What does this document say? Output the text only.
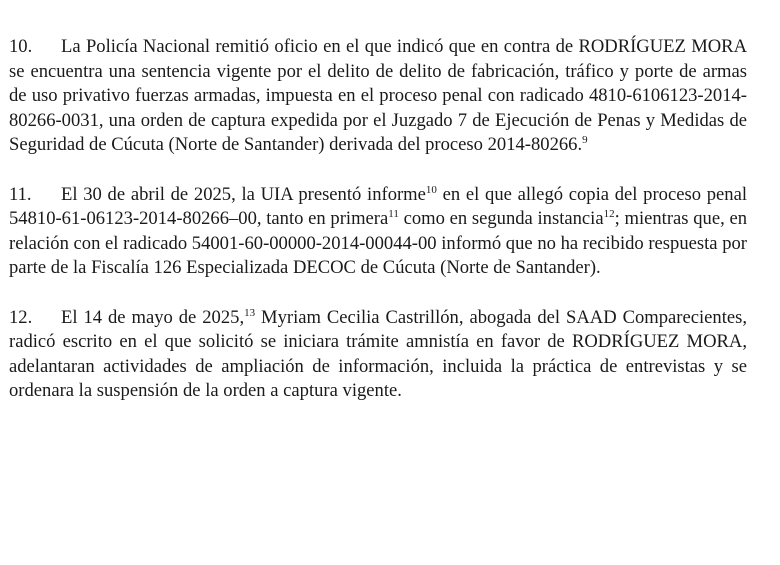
10. La Policía Nacional remitió oficio en el que indicó que en contra de RODRÍGUEZ MORA se encuentra una sentencia vigente por el delito de delito de fabricación, tráfico y porte de armas de uso privativo fuerzas armadas, impuesta en el proceso penal con radicado 4810-6106123-2014-80266-0031, una orden de captura expedida por el Juzgado 7 de Ejecución de Penas y Medidas de Seguridad de Cúcuta (Norte de Santander) derivada del proceso 2014-80266.$^9$

11. El 30 de abril de 2025, la UIA presentó informe$^{10}$ en el que allegó copia del proceso penal 54810-61-06123-2014-80266–00, tanto en primera$^{11}$ como en segunda instancia$^{12}$; mientras que, en relación con el radicado 54001-60-00000-2014-00044-00 informó que no ha recibido respuesta por parte de la Fiscalía 126 Especializada DECOC de Cúcuta (Norte de Santander).

12. El 14 de mayo de 2025,13 Myriam Cecilia Castrillón, abogada del SAAD Comparecientes, radicó escrito en el que solicitó se iniciara trámite amnistía en favor de RODRÍGUEZ MORA, adelantaran actividades de ampliación de información, incluida la práctica de entrevistas y se ordenara la suspensión de la orden a captura vigente.
